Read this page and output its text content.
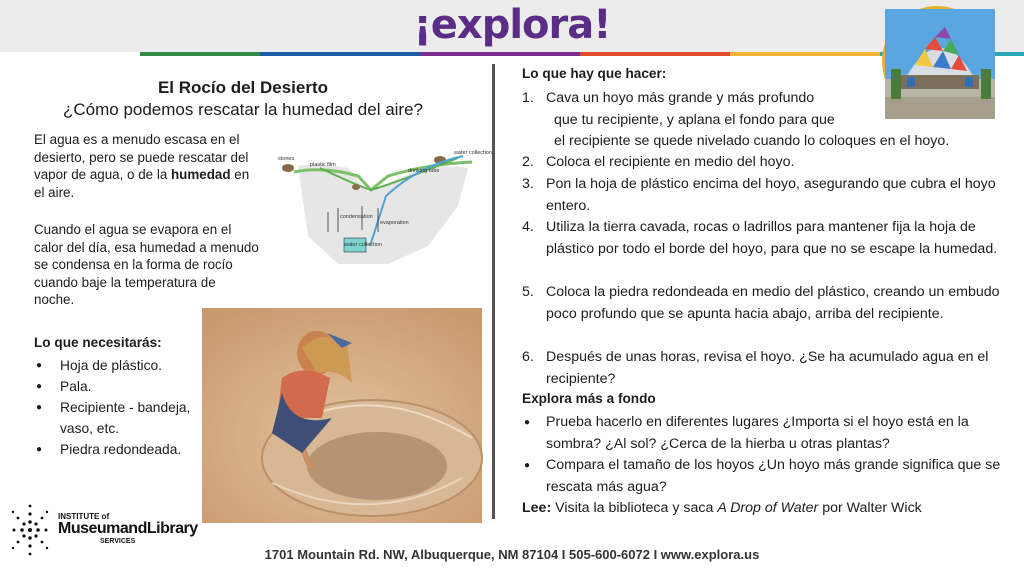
¡explora!
El Rocío del Desierto
¿Cómo podemos rescatar la humedad del aire?
El agua es a menudo escasa en el desierto, pero se puede rescatar del vapor de agua, o de la humedad en el aire.
Cuando el agua se evapora en el calor del día, esa humedad a menudo se condensa en la forma de rocío cuando baje la temperatura de noche.
stones
water collection
plastic film
drinking tube
condensation
evaporation
water collection
Lo que necesitarás:
● Hoja de plástico.
● Pala.
● Recipiente - bandeja, vaso, etc.
● Piedra redondeada.
Lo que hay que hacer:
1. Cava un hoyo más grande y más profundo
que tu recipiente, y aplana el fondo para que
el recipiente se quede nivelado cuando lo coloques en el hoyo.
2. Coloca el recipiente en medio del hoyo.
3. Pon la hoja de plástico encima del hoyo, asegurando que cubra el hoyo entero.
4. Utiliza la tierra cavada, rocas o ladrillos para mantener fija la hoja de plástico por todo el borde del hoyo, para que no se escape la humedad.
5. Coloca la piedra redondeada en medio del plástico, creando un embudo poco profundo que se apunta hacia abajo, arriba del recipiente.
6. Después de unas horas, revisa el hoyo. ¿Se ha acumulado agua en el recipiente?
Explora más a fondo
● Prueba hacerlo en diferentes lugares ¿Importa si el hoyo está en la sombra? ¿Al sol? ¿Cerca de la hierba u otras plantas?
● Compara el tamaño de los hoyos ¿Un hoyo más grande significa que se rescata más agua?
Lee: Visita la biblioteca y saca A Drop of Water por Walter Wick
INSTITUTE of
MuseumandLibrary
SERVICES
1701 Mountain Rd. NW, Albuquerque, NM 87104 I 505-600-6072 I www.explora.us
